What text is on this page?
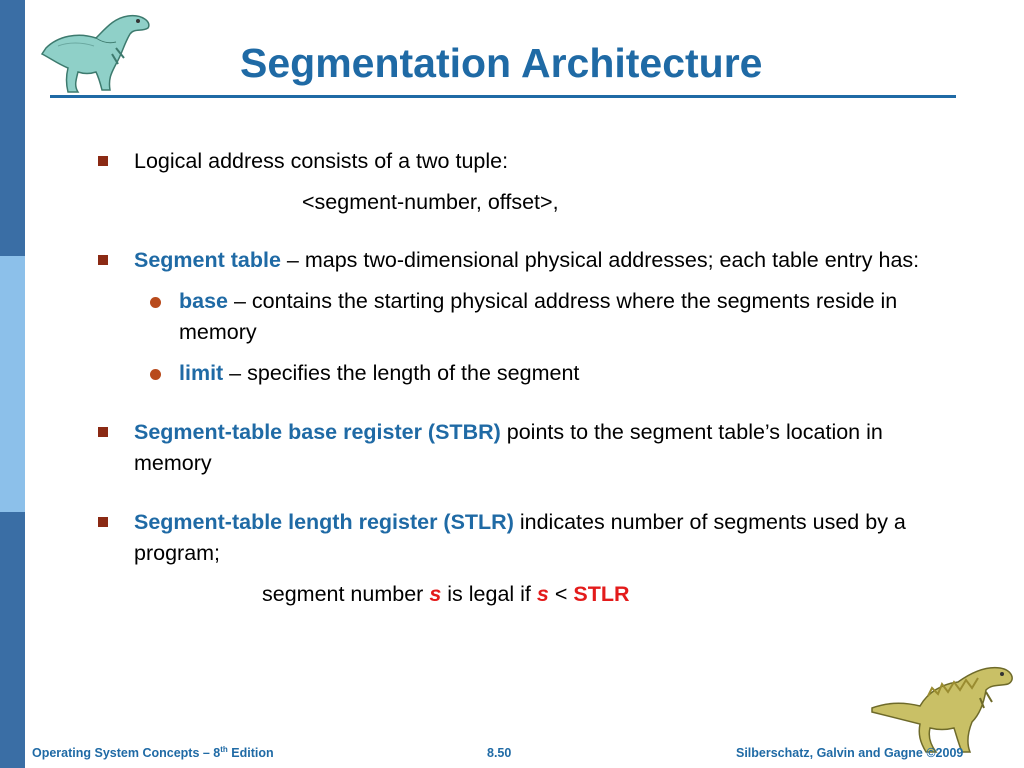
Segmentation Architecture
Logical address consists of a two tuple:
<segment-number, offset>,
Segment table – maps two-dimensional physical addresses; each table entry has:
base – contains the starting physical address where the segments reside in memory
limit – specifies the length of the segment
Segment-table base register (STBR) points to the segment table’s location in memory
Segment-table length register (STLR) indicates number of segments used by a program;
segment number s is legal if s < STLR
Operating System Concepts – 8th Edition	8.50	Silberschatz, Galvin and Gagne ©2009
